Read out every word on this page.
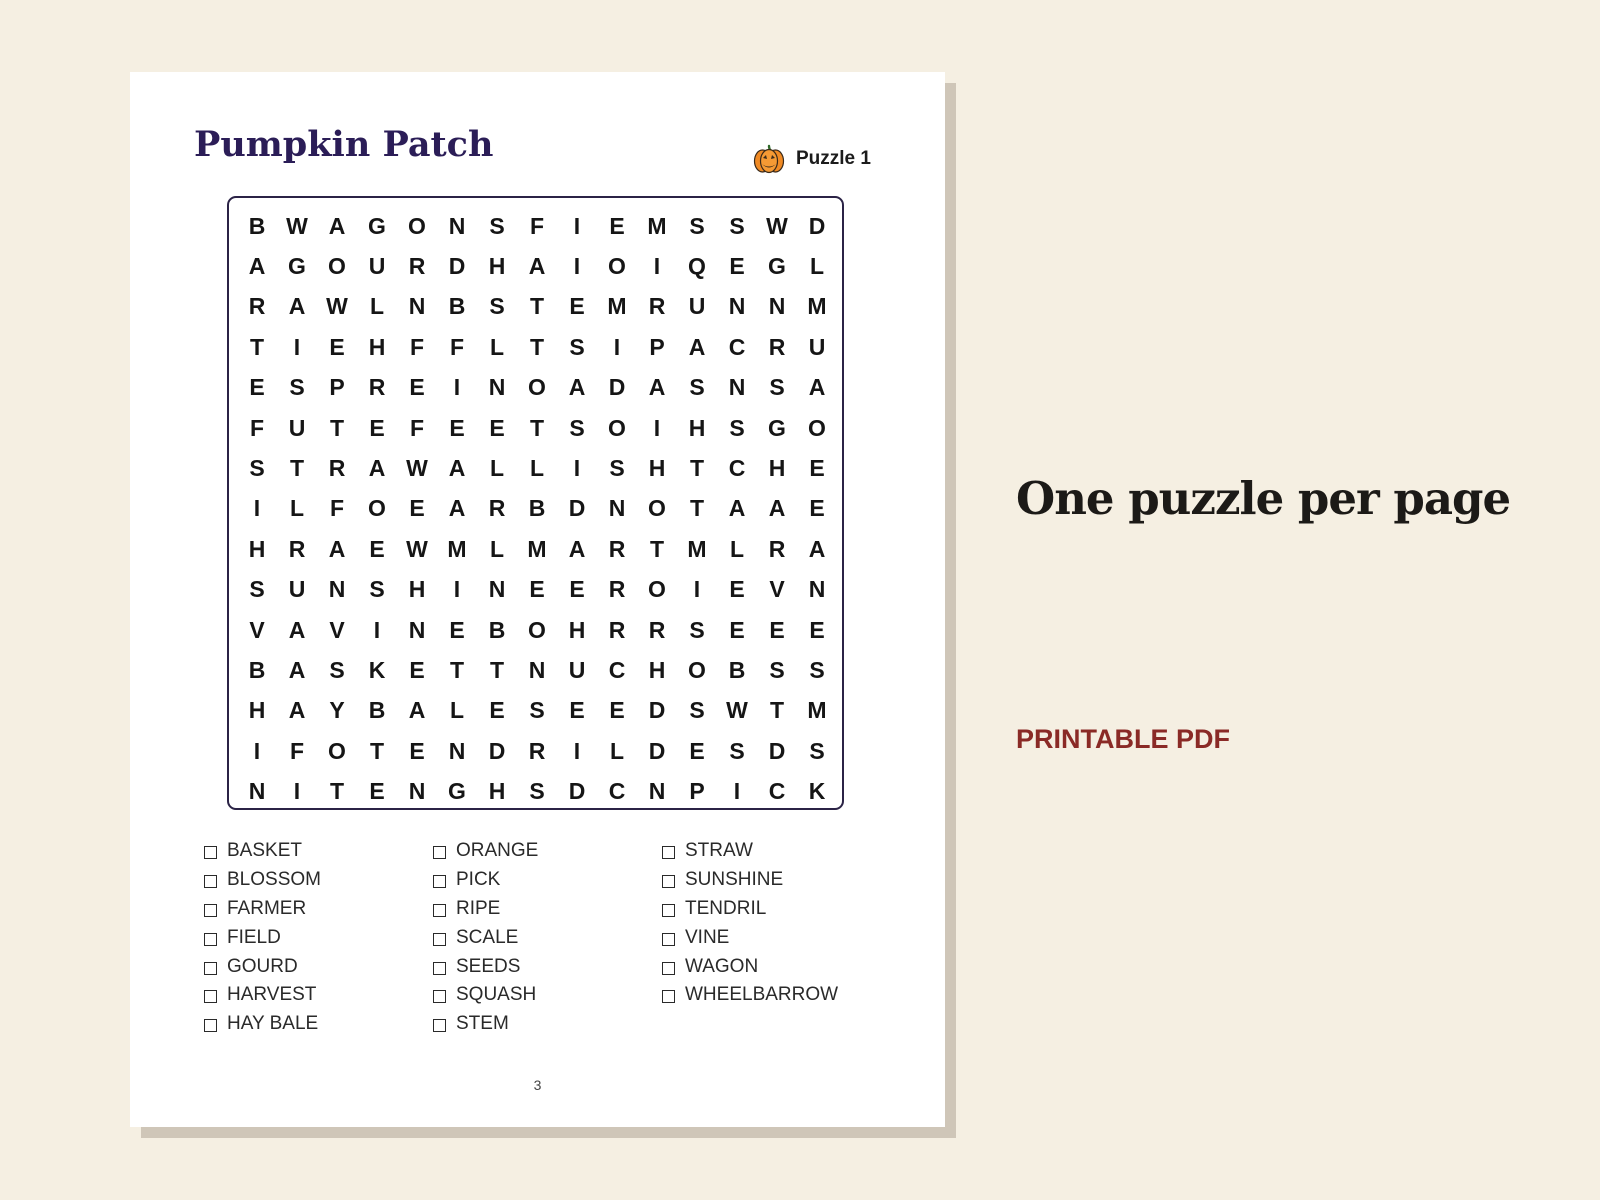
Pumpkin Patch	Puzzle 1
B W A G O N	S	F	I	E M S	S W D
A G O U	R	D	H	A	I	O	I	Q	E	G	L
R	A W L	N	B	S	T	E M R	U	N	N M
T	I	E	H	F	F	L	T	S	I	P	A	C	R	U
E	S	P	R	E	I	N O A	D	A	S	N	S	A
F	U	T	E	F	E	E	T	S	O	I	H	S	G O
S	T	R	A W A	L	L	I	S	H	T	C	H	E
I	L	F	O	E	A	R	B	D	N O	T	A	A	E
H	R	A	E W M	L	M A	R	T	M	L	R	A
S	U	N	S	H	I	N	E	E	R O	I	E	V	N
V	A	V	I	N	E	B O H	R	R	S	E	E	E
B	A	S	K	E	T	T	N	U	C	H O B	S	S
H	A	Y	B	A	L	E	S	E	E	D	S W T	M
I	F	O	T	E	N	D	R	I	L	D	E	S	D	S
N	I	T	E	N G H	S	D	C	N	P	I	C	K
BASKET
BLOSSOM
FARMER
FIELD
GOURD
HARVEST
HAY BALE
ORANGE
PICK
RIPE
SCALE
SEEDS
SQUASH
STEM
STRAW
SUNSHINE
TENDRIL
VINE
WAGON
WHEELBARROW
3
One puzzle per page
PRINTABLE PDF
